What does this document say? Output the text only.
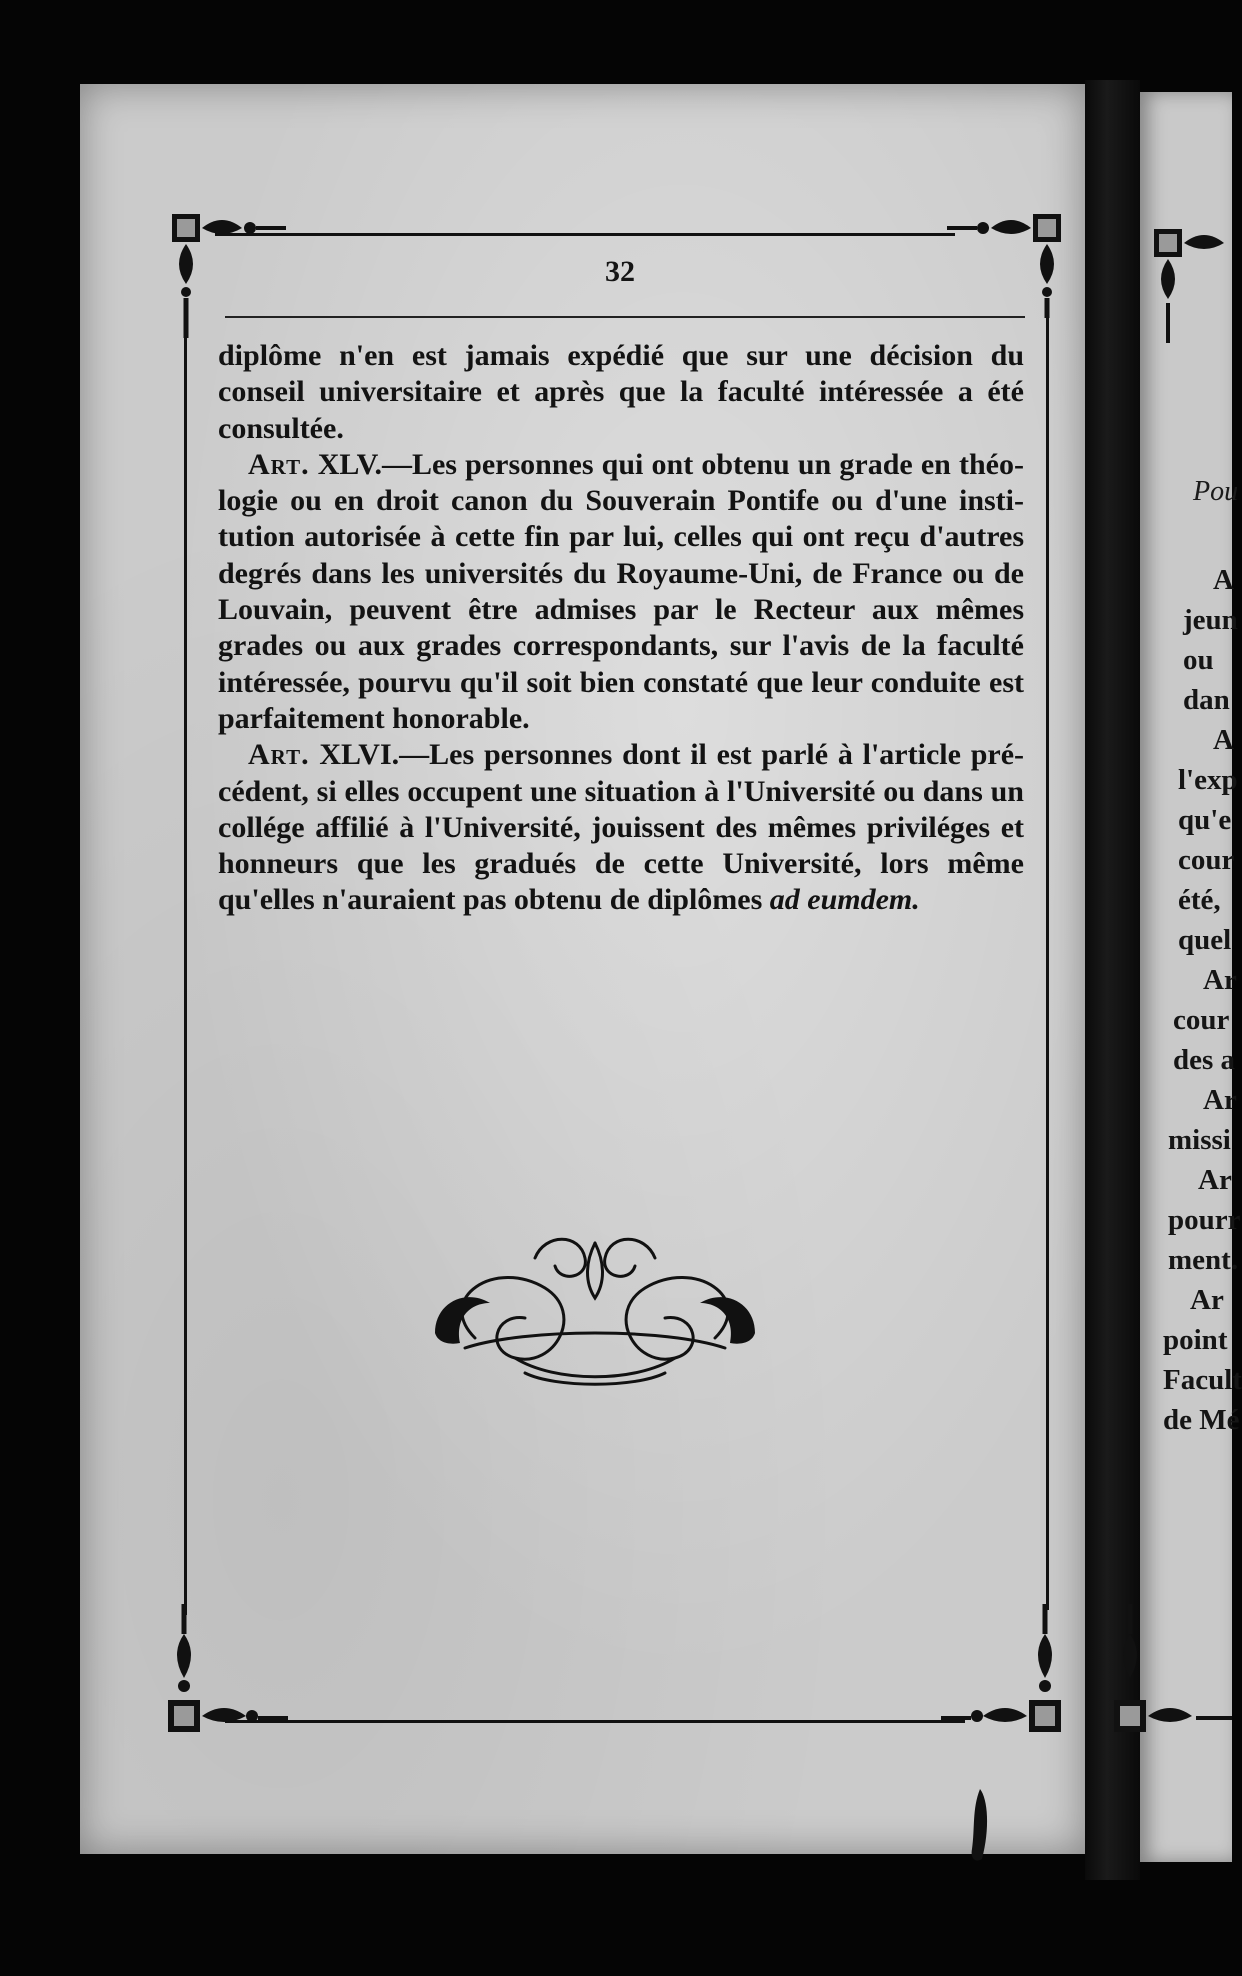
32

diplôme n'en est jamais expédié que sur une décision du conseil universitaire et après que la faculté intéressée a été consultée.

Art. XLV.—Les personnes qui ont obtenu un grade en théo- logie ou en droit canon du Souverain Pontife ou d'une insti- tution autorisée à cette fin par lui, celles qui ont reçu d'autres degrés dans les universités du Royaume-Uni, de France ou de Louvain, peuvent être admises par le Recteur aux mêmes grades ou aux grades correspondants, sur l'avis de la faculté intéressée, pourvu qu'il soit bien constaté que leur conduite est parfaitement honorable.

Art. XLVI.—Les personnes dont il est parlé à l'article pré- cédent, si elles occupent une situation à l'Université ou dans un collége affilié à l'Université, jouissent des mêmes priviléges et honneurs que les gradués de cette Université, lors même qu'elles n'auraient pas obtenu de diplômes ad eumdem.

Pou
A
jeun
ou
dan
A
l'exp
qu'e
cour
été,
quel
Ar
cour
des a
Ar
missi
Ar
pourr
ment.
Ar
point
Facult
de Mé
